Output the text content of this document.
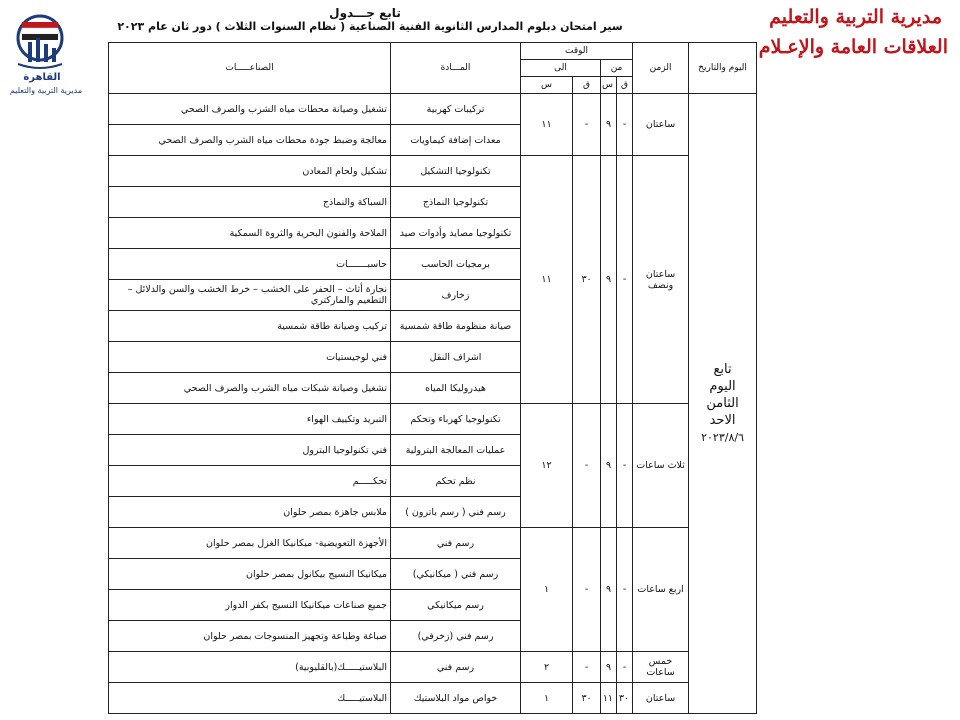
القاهرة
مديرية التربية والتعليم
تابع جـــدول
سير امتحان دبلوم المدارس الثانوية الفنية الصناعية ( نظام السنوات الثلاث ) دور ثان عام ٢٠٢٣	مديرية التربية والتعليم
العلاقات العامة والإعـلام
اليوم والتاريخ	الزمن	الوقت				المـــادة	الصناعـــــات
		من		الى			
		ق	س	ق	س		

تابع
اليوم
الثامن
الاحد
٢٠٢٣/٨/٦	ساعتان	-	٩	-	١١	تركيبات كهربية	تشغيل وصيانة محطات مياه الشرب والصرف الصحي
						معدات إضافة كيماويات	معالجة وضبط جودة محطات مياه الشرب والصرف الصحي
	ساعتان ونصف	-	٩	٣٠	١١	تكنولوجيا التشكيل	تشكيل ولحام المعادن
						تكنولوجيا النماذج	السباكة والنماذج
						تكنولوجيا مصايد وأدوات صيد	الملاحة والفنون البحرية والثروة السمكية
						برمجيات الحاسب	حاسبـــــــات
						زخارف	نجارة أثاث – الحفر على الخشب – خرط الخشب والسن والدلائل – التطعيم والماركتري
						صيانة منظومة طاقة شمسية	تركيب وصيانة طاقة شمسية
						اشراف النقل	فني لوجيستيات
						هيدروليكا المياه	تشغيل وصيانة شبكات مياه الشرب والصرف الصحي
	ثلاث ساعات	-	٩	-	١٢	تكنولوجيا كهرباء وتحكم	التبريد وتكييف الهواء
						عمليات المعالجة البترولية	فني تكنولوجيا البترول
						نظم تحكم	تحكـــــم
						رسم فني ( رسم باترون )	ملابس جاهزة بمصر حلوان
	اربع ساعات	-	٩	-	١	رسم فني	الأجهزة التعويضية- ميكانيكا الغزل بمصر حلوان
						رسم فني ( ميكانيكي)	ميكانيكا النسيج بيكانول بمصر حلوان
						رسم ميكانيكي	جميع صناعات ميكانيكا النسيج بكفر الدوار
						رسم فني (زخرفي)	صباغة وطباعة وتجهيز المنسوجات بمصر حلوان
	خمس ساعات	-	٩	-	٢	رسم فني	البلاستيـــــك(بالقليوبية)
	ساعتان	٣٠	١١	٣٠	١	خواص مواد البلاستيك	البلاستيـــــك
